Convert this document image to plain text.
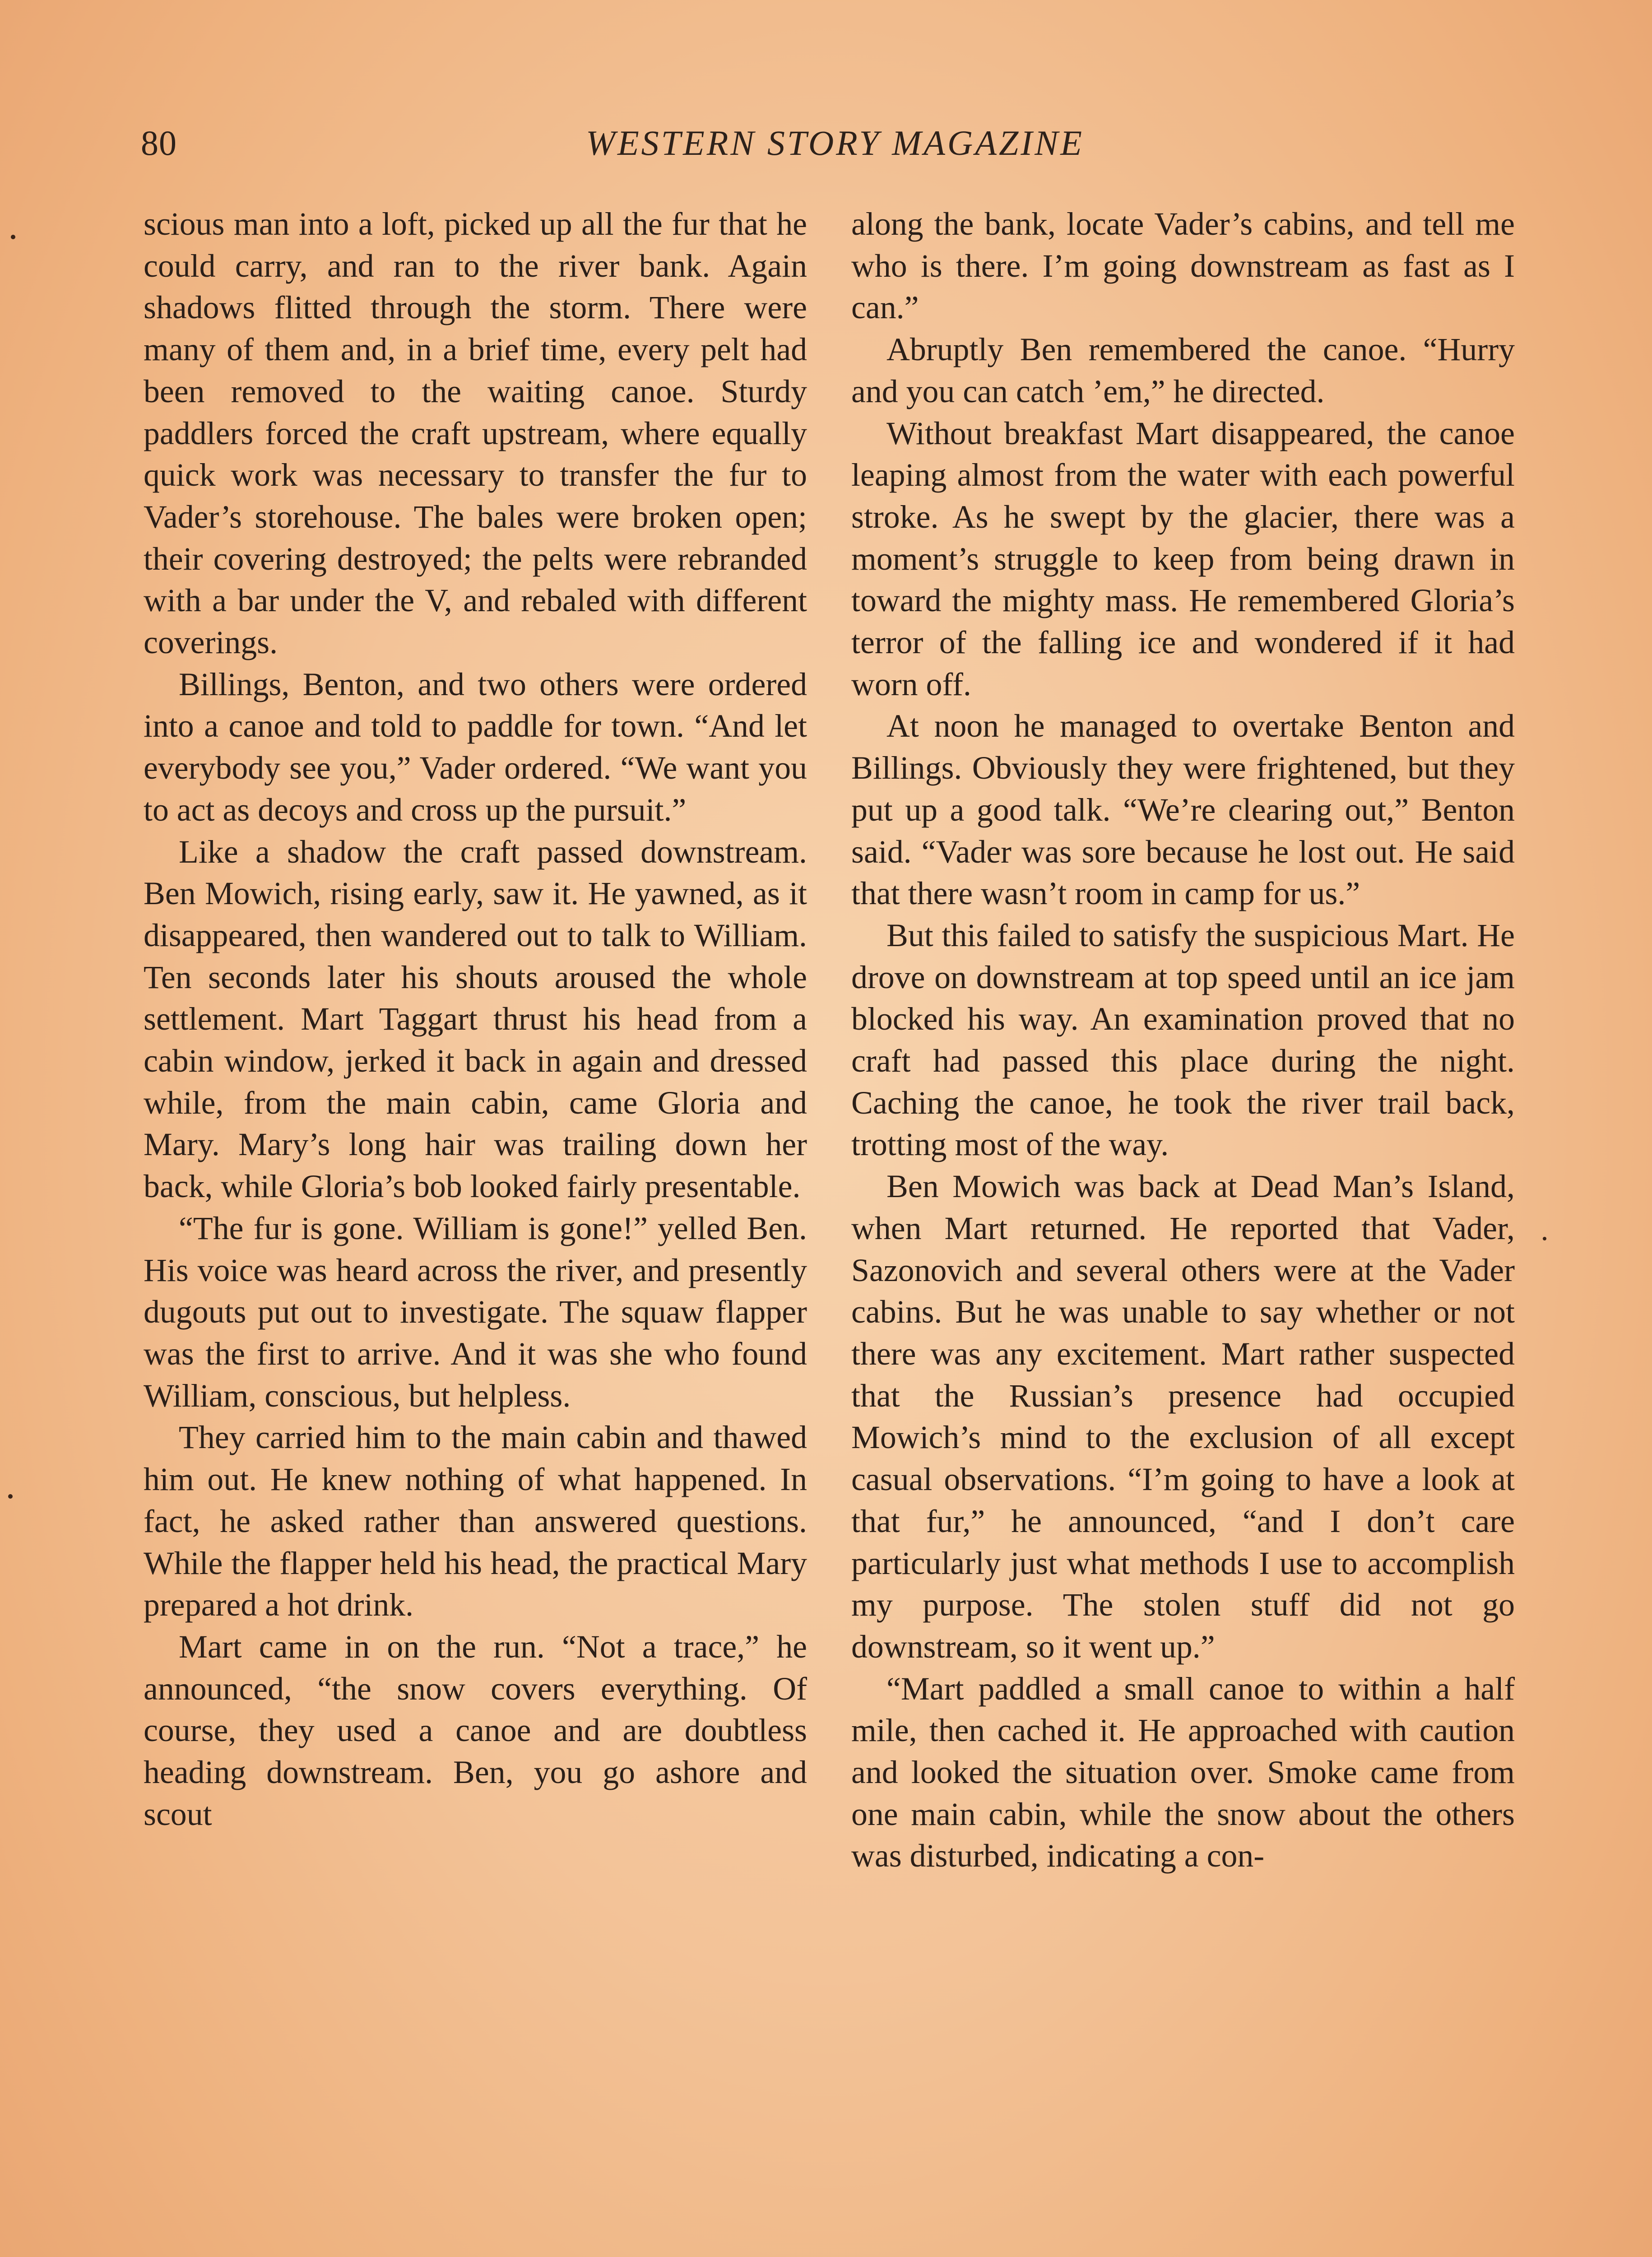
80	WESTERN STORY MAGAZINE

scious man into a loft, picked up all the fur that he could carry, and ran to the river bank. Again shadows flitted through the storm. There were many of them and, in a brief time, every pelt had been removed to the waiting canoe. Sturdy paddlers forced the craft upstream, where equally quick work was necessary to transfer the fur to Vader’s storehouse. The bales were broken open; their covering destroyed; the pelts were rebranded with a bar under the V, and rebaled with different coverings.

Billings, Benton, and two others were ordered into a canoe and told to paddle for town. “And let everybody see you,” Vader ordered. “We want you to act as decoys and cross up the pursuit.”

Like a shadow the craft passed downstream. Ben Mowich, rising early, saw it. He yawned, as it disappeared, then wandered out to talk to William. Ten seconds later his shouts aroused the whole settlement. Mart Taggart thrust his head from a cabin window, jerked it back in again and dressed while, from the main cabin, came Gloria and Mary. Mary’s long hair was trailing down her back, while Gloria’s bob looked fairly presentable.

“The fur is gone. William is gone!” yelled Ben. His voice was heard across the river, and presently dugouts put out to investigate. The squaw flapper was the first to arrive. And it was she who found William, conscious, but helpless.

They carried him to the main cabin and thawed him out. He knew nothing of what happened. In fact, he asked rather than answered questions. While the flapper held his head, the practical Mary prepared a hot drink.

Mart came in on the run. “Not a trace,” he announced, “the snow covers everything. Of course, they used a canoe and are doubtless heading downstream. Ben, you go ashore and scout

along the bank, locate Vader’s cabins, and tell me who is there. I’m going downstream as fast as I can.”

Abruptly Ben remembered the canoe. “Hurry and you can catch ’em,” he directed.

Without breakfast Mart disappeared, the canoe leaping almost from the water with each powerful stroke. As he swept by the glacier, there was a moment’s struggle to keep from being drawn in toward the mighty mass. He remembered Gloria’s terror of the falling ice and wondered if it had worn off.

At noon he managed to overtake Benton and Billings. Obviously they were frightened, but they put up a good talk. “We’re clearing out,” Benton said. “Vader was sore because he lost out. He said that there wasn’t room in camp for us.”

But this failed to satisfy the suspicious Mart. He drove on downstream at top speed until an ice jam blocked his way. An examination proved that no craft had passed this place during the night. Caching the canoe, he took the river trail back, trotting most of the way.

Ben Mowich was back at Dead Man’s Island, when Mart returned. He reported that Vader, Sazonovich and several others were at the Vader cabins. But he was unable to say whether or not there was any excitement. Mart rather suspected that the Russian’s presence had occupied Mowich’s mind to the exclusion of all except casual observations. “I’m going to have a look at that fur,” he announced, “and I don’t care particularly just what methods I use to accomplish my purpose. The stolen stuff did not go downstream, so it went up.”

“Mart paddled a small canoe to within a half mile, then cached it. He approached with caution and looked the situation over. Smoke came from one main cabin, while the snow about the others was disturbed, indicating a con-
